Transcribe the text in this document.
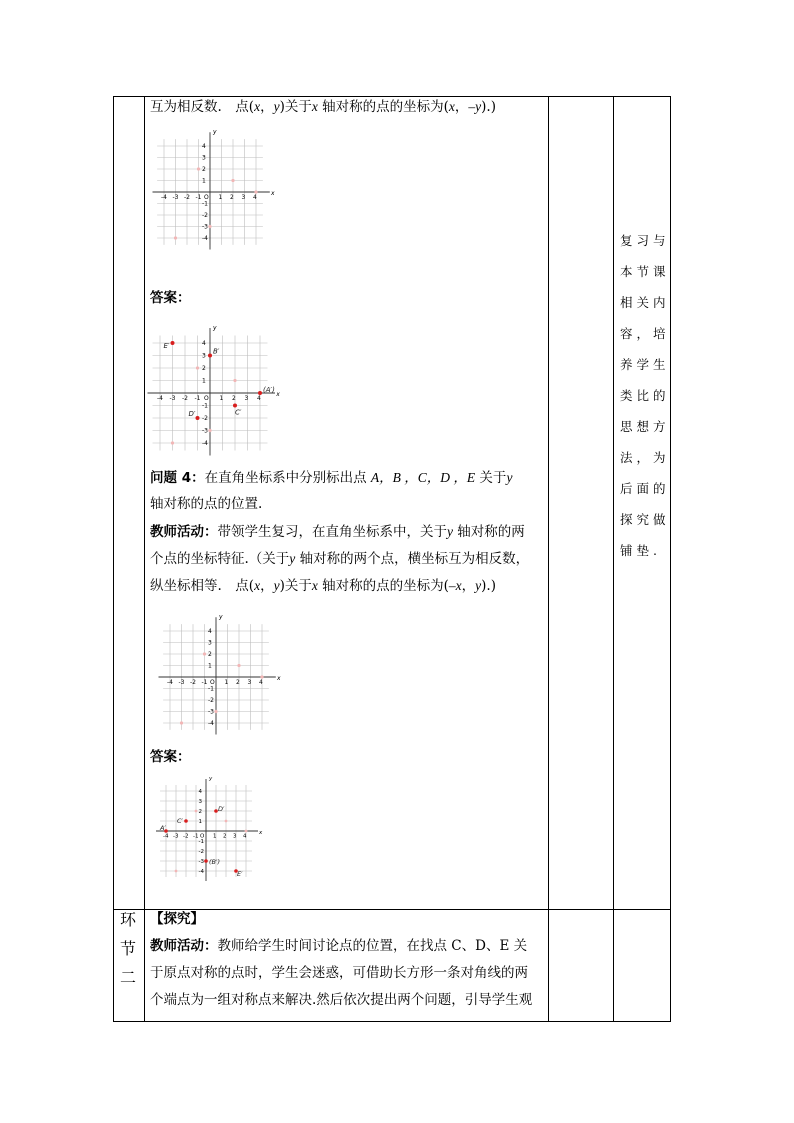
互为相反数.　点(x，y)关于x 轴对称的点的坐标为(x，–y).)
x
y
-4 -3 -2 -1 O 1 2 3 4
4
3
2
1
-1
-2
-3
-4
答案：
x
y
-4 -3 -2 -1 O 1 2 3 4
4
3
2
1
-1
-2
-3
-4
E′
B′
(A′)
D′	C′
问题 4：在直角坐标系中分别标出点 A，B ，C，D ，E 关于y
轴对称的点的位置.
教师活动：带领学生复习，在直角坐标系中，关于y 轴对称的两
个点的坐标特征.（关于y 轴对称的两个点，横坐标互为相反数，
纵坐标相等.　点(x，y)关于x 轴对称的点的坐标为(–x，y).)
x
y
-4 -3 -2 -1 O 1 2 3 4
4
3
2
1
-1
-2
-3
-4
答案：
x
y
-4 -3 -2 -1 O 1 2 3 4
4
3
2
1
-1
-2
-3
-4
D′
C′
A′
(B′)
E′
复习与
本节课
相关内
容，培
养学生
类比的
思想方
法，为
后面的
探究做
铺垫.
环
节
二
【探究】
教师活动：教师给学生时间讨论点的位置，在找点 C、D、E 关
于原点对称的点时，学生会迷惑，可借助长方形一条对角线的两
个端点为一组对称点来解决.然后依次提出两个问题，引导学生观
